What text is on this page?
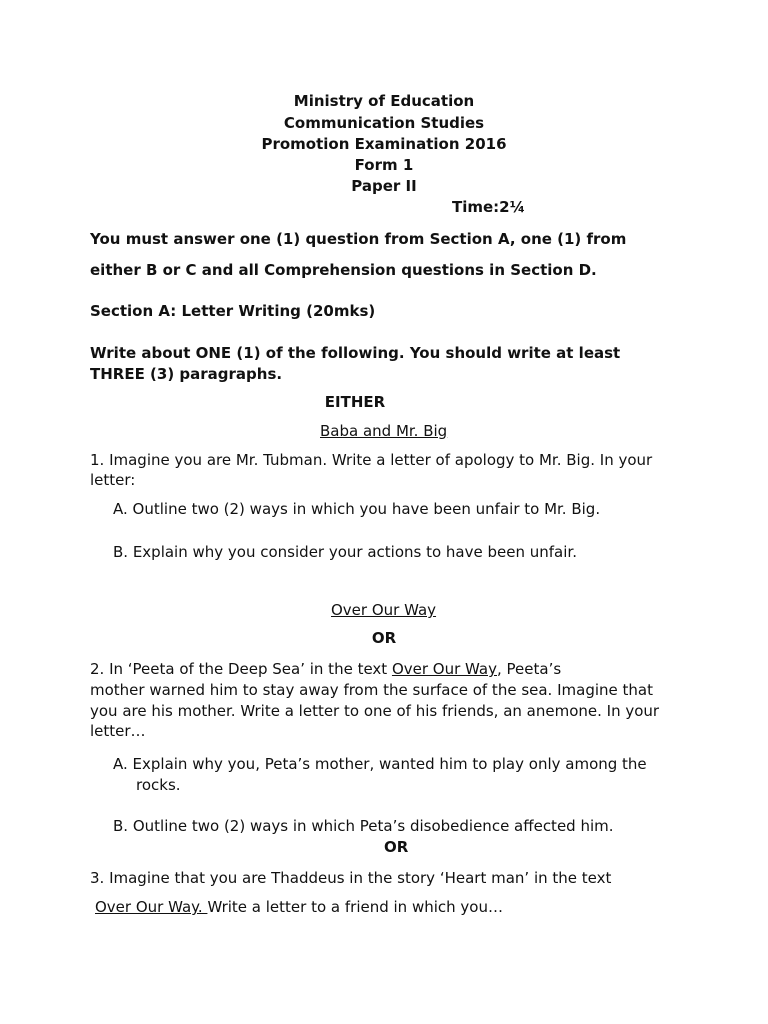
Ministry of Education
Communication Studies
Promotion Examination 2016
Form 1
Paper II
Time:2¼
You must answer one (1) question from Section A, one (1) from
either B or C and all Comprehension questions in Section D.
Section A: Letter Writing (20mks)
Write about ONE (1) of the following. You should write at least
THREE (3) paragraphs.
EITHER
Baba and Mr. Big
1. Imagine you are Mr. Tubman. Write a letter of apology to Mr. Big. In your
letter:
A. Outline two (2) ways in which you have been unfair to Mr. Big.
B. Explain why you consider your actions to have been unfair.
Over Our Way
OR
2. In ‘Peeta of the Deep Sea’ in the text Over Our Way, Peeta’s
mother warned him to stay away from the surface of the sea. Imagine that
you are his mother. Write a letter to one of his friends, an anemone. In your
letter…
A. Explain why you, Peta’s mother, wanted him to play only among the
rocks.
B. Outline two (2) ways in which Peta’s disobedience affected him.
OR
3. Imagine that you are Thaddeus in the story ‘Heart man’ in the text
Over Our Way. Write a letter to a friend in which you…
